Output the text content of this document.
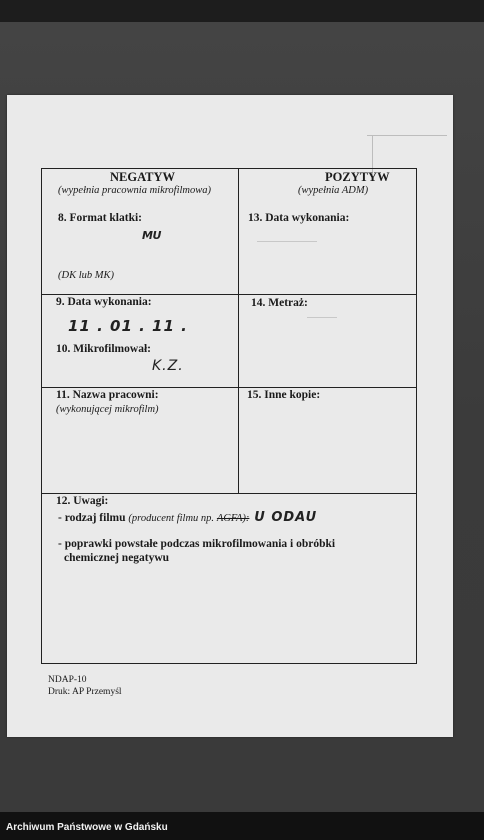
NEGATYW
(wypełnia pracownia mikrofilmowa)
8. Format klatki:
MU
(DK lub MK)
9. Data wykonania:
11 . 01 . 11 .
10. Mikrofilmował:
K.Z.
11. Nazwa pracowni:
(wykonującej mikrofilm)
POZYTYW
(wypełnia ADM)
13. Data wykonania:
14. Metraż:
15. Inne kopie:
12. Uwagi:
- rodzaj filmu (producent filmu np. AGFA): U ODAU
- poprawki powstałe podczas mikrofilmowania i obróbki
chemicznej negatywu
NDAP-10
Druk: AP Przemyśl
Archiwum Państwowe w Gdańsku
